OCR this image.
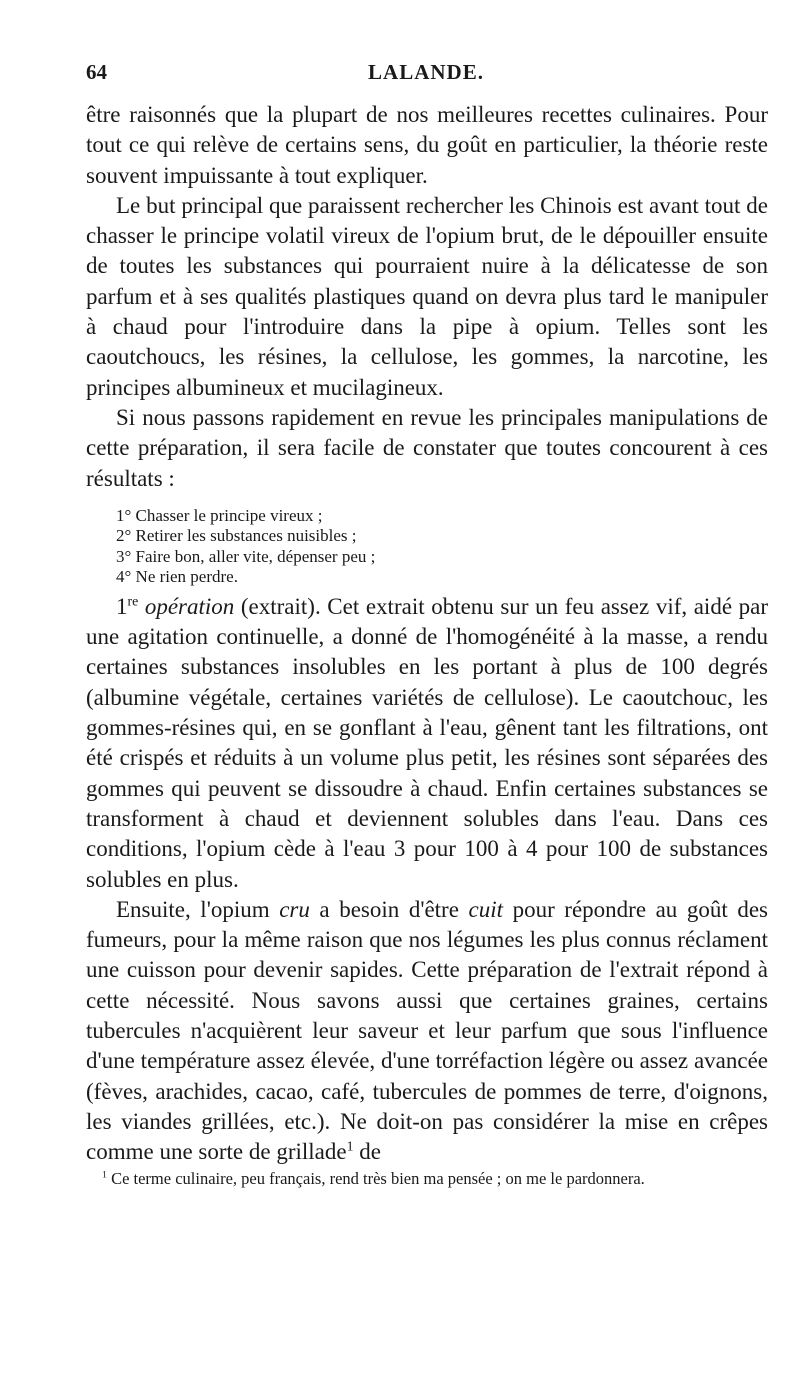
64	LALANDE.

être raisonnés que la plupart de nos meilleures recettes culinaires. Pour tout ce qui relève de certains sens, du goût en particulier, la théorie reste souvent impuissante à tout expliquer.

Le but principal que paraissent rechercher les Chinois est avant tout de chasser le principe volatil vireux de l'opium brut, de le dépouiller ensuite de toutes les substances qui pourraient nuire à la délicatesse de son parfum et à ses qualités plastiques quand on devra plus tard le manipuler à chaud pour l'introduire dans la pipe à opium. Telles sont les caoutchoucs, les résines, la cellulose, les gommes, la narcotine, les principes albumineux et mucilagineux.

Si nous passons rapidement en revue les principales manipulations de cette préparation, il sera facile de constater que toutes concourent à ces résultats :

1° Chasser le principe vireux ;
2° Retirer les substances nuisibles ;
3° Faire bon, aller vite, dépenser peu ;
4° Ne rien perdre.

1re opération (extrait). Cet extrait obtenu sur un feu assez vif, aidé par une agitation continuelle, a donné de l'homogénéité à la masse, a rendu certaines substances insolubles en les portant à plus de 100 degrés (albumine végétale, certaines variétés de cellulose). Le caoutchouc, les gommes-résines qui, en se gonflant à l'eau, gênent tant les filtrations, ont été crispés et réduits à un volume plus petit, les résines sont séparées des gommes qui peuvent se dissoudre à chaud. Enfin certaines substances se transforment à chaud et deviennent solubles dans l'eau. Dans ces conditions, l'opium cède à l'eau 3 pour 100 à 4 pour 100 de substances solubles en plus.

Ensuite, l'opium cru a besoin d'être cuit pour répondre au goût des fumeurs, pour la même raison que nos légumes les plus connus réclament une cuisson pour devenir sapides. Cette préparation de l'extrait répond à cette nécessité. Nous savons aussi que certaines graines, certains tubercules n'acquièrent leur saveur et leur parfum que sous l'influence d'une température assez élevée, d'une torréfaction légère ou assez avancée (fèves, arachides, cacao, café, tubercules de pommes de terre, d'oignons, les viandes grillées, etc.). Ne doit-on pas considérer la mise en crêpes comme une sorte de grillade$^1$ de

$^1$ Ce terme culinaire, peu français, rend très bien ma pensée ; on me le pardonnera.
